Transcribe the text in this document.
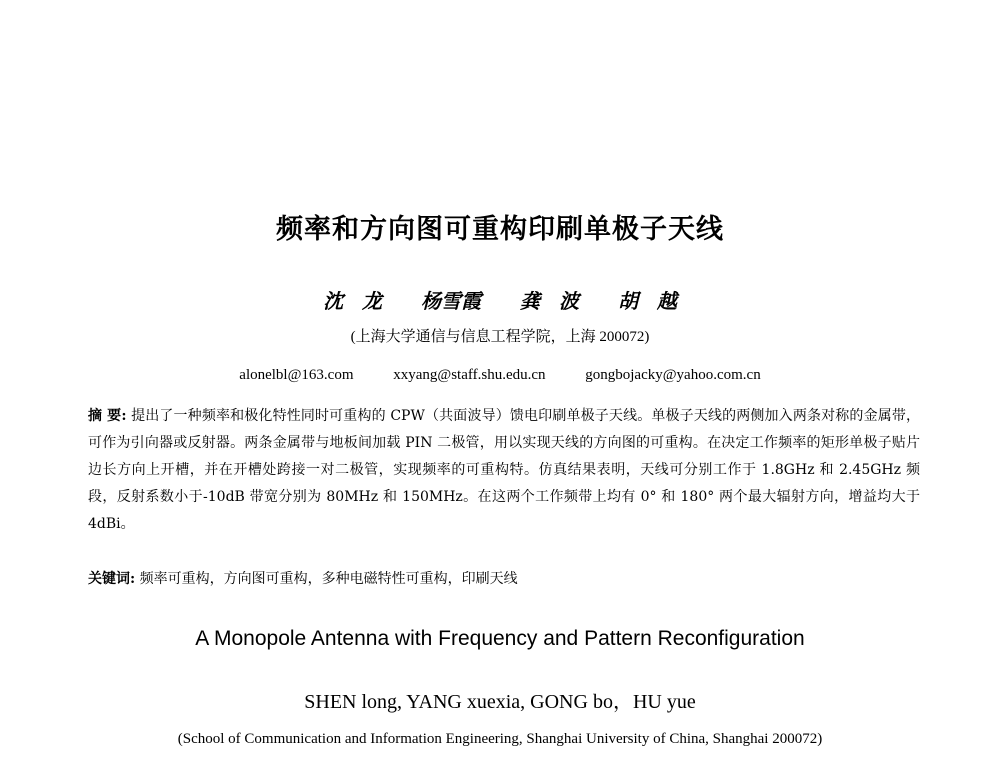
频率和方向图可重构印刷单极子天线
沈 龙 杨雪霞 龚 波 胡 越
(上海大学通信与信息工程学院，上海 200072)
alonelbl@163.com	xxyang@staff.shu.edu.cn	gongbojacky@yahoo.com.cn
摘 要: 提出了一种频率和极化特性同时可重构的 CPW（共面波导）馈电印刷单极子天线。单极子天线的两侧加入两条对称的金属带，可作为引向器或反射器。两条金属带与地板间加载 PIN 二极管，用以实现天线的方向图的可重构。在决定工作频率的矩形单极子贴片边长方向上开槽，并在开槽处跨接一对二极管，实现频率的可重构特。仿真结果表明，天线可分别工作于 1.8GHz 和 2.45GHz 频段，反射系数小于-10dB 带宽分别为 80MHz 和 150MHz。在这两个工作频带上均有 0° 和 180° 两个最大辐射方向，增益均大于 4dBi。
关键词: 频率可重构，方向图可重构，多种电磁特性可重构，印刷天线
A Monopole Antenna with Frequency and Pattern Reconfiguration
SHEN long, YANG xuexia, GONG bo，HU yue
(School of Communication and Information Engineering, Shanghai University of China, Shanghai 200072)
